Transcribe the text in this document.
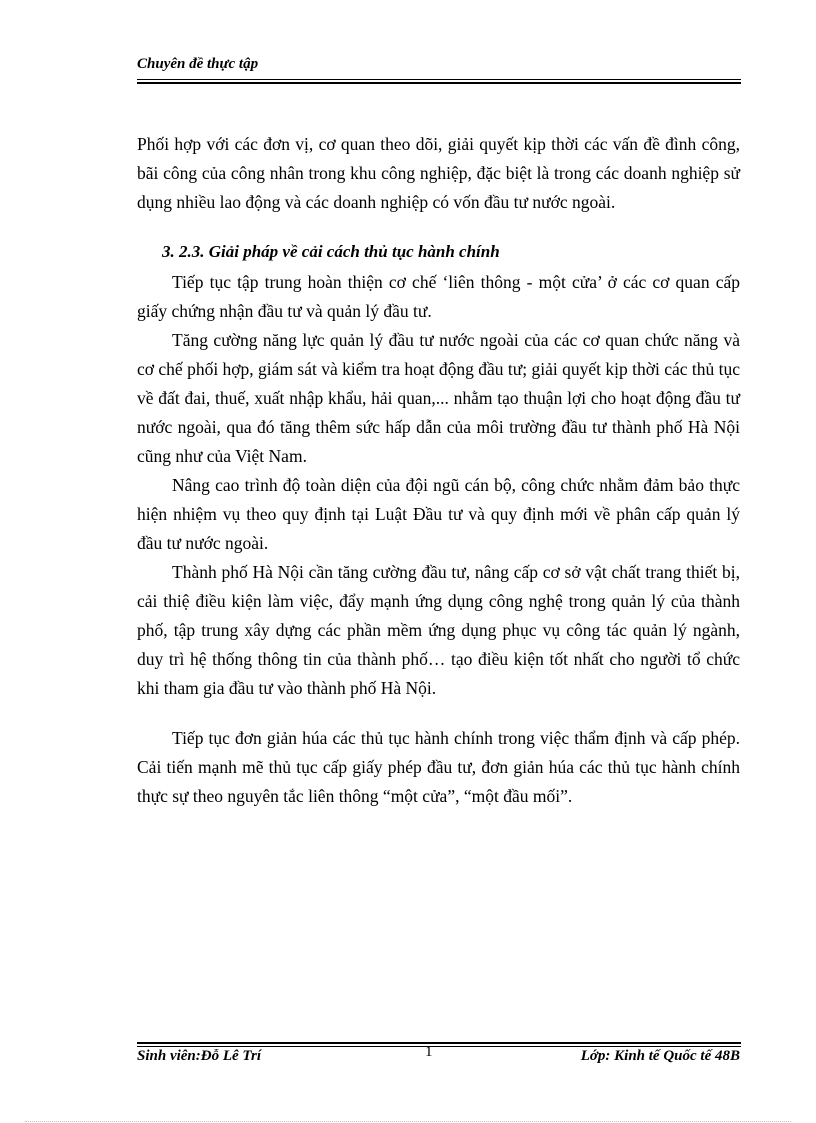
Chuyên đề thực tập

Phối hợp với các đơn vị, cơ quan theo dõi, giải quyết kịp thời các vấn đề đình công, bãi công của công nhân trong khu công nghiệp, đặc biệt là trong các doanh nghiệp sử dụng nhiều lao động và các doanh nghiệp có vốn đầu tư nước ngoài.

3. 2.3. Giải pháp về cải cách thủ tục hành chính

Tiếp tục tập trung hoàn thiện cơ chế ‘liên thông - một cửa’ ở các cơ quan cấp giấy chứng nhận đầu tư và quản lý đầu tư.

Tăng cường năng lực quản lý đầu tư nước ngoài của các cơ quan chức năng và cơ chế phối hợp, giám sát và kiểm tra hoạt động đầu tư; giải quyết kịp thời các thủ tục về đất đai, thuế, xuất nhập khẩu, hải quan,... nhằm tạo thuận lợi cho hoạt động đầu tư nước ngoài, qua đó tăng thêm sức hấp dẫn của môi trường đầu tư thành phố Hà Nội cũng như của Việt Nam.

Nâng cao trình độ toàn diện của đội ngũ cán bộ, công chức nhằm đảm bảo thực hiện nhiệm vụ theo quy định tại Luật Đầu tư và quy định mới về phân cấp quản lý đầu tư nước ngoài.

Thành phố Hà Nội cần tăng cường đầu tư, nâng cấp cơ sở vật chất trang thiết bị, cải thiệ điều kiện làm việc, đẩy mạnh ứng dụng công nghệ trong quản lý của thành phố, tập trung xây dựng các phần mềm ứng dụng phục vụ công tác quản lý ngành, duy trì hệ thống thông tin của thành phố… tạo điều kiện tốt nhất cho người tổ chức khi tham gia đầu tư vào thành phố Hà Nội.

Tiếp tục đơn giản húa các thủ tục hành chính trong việc thẩm định và cấp phép. Cải tiến mạnh mẽ thủ tục cấp giấy phép đầu tư, đơn giản húa các thủ tục hành chính thực sự theo nguyên tắc liên thông “một cửa”, “một đầu mối”.

Sinh viên:Đỗ Lê Trí	1	Lớp: Kinh tế Quốc tế 48B
